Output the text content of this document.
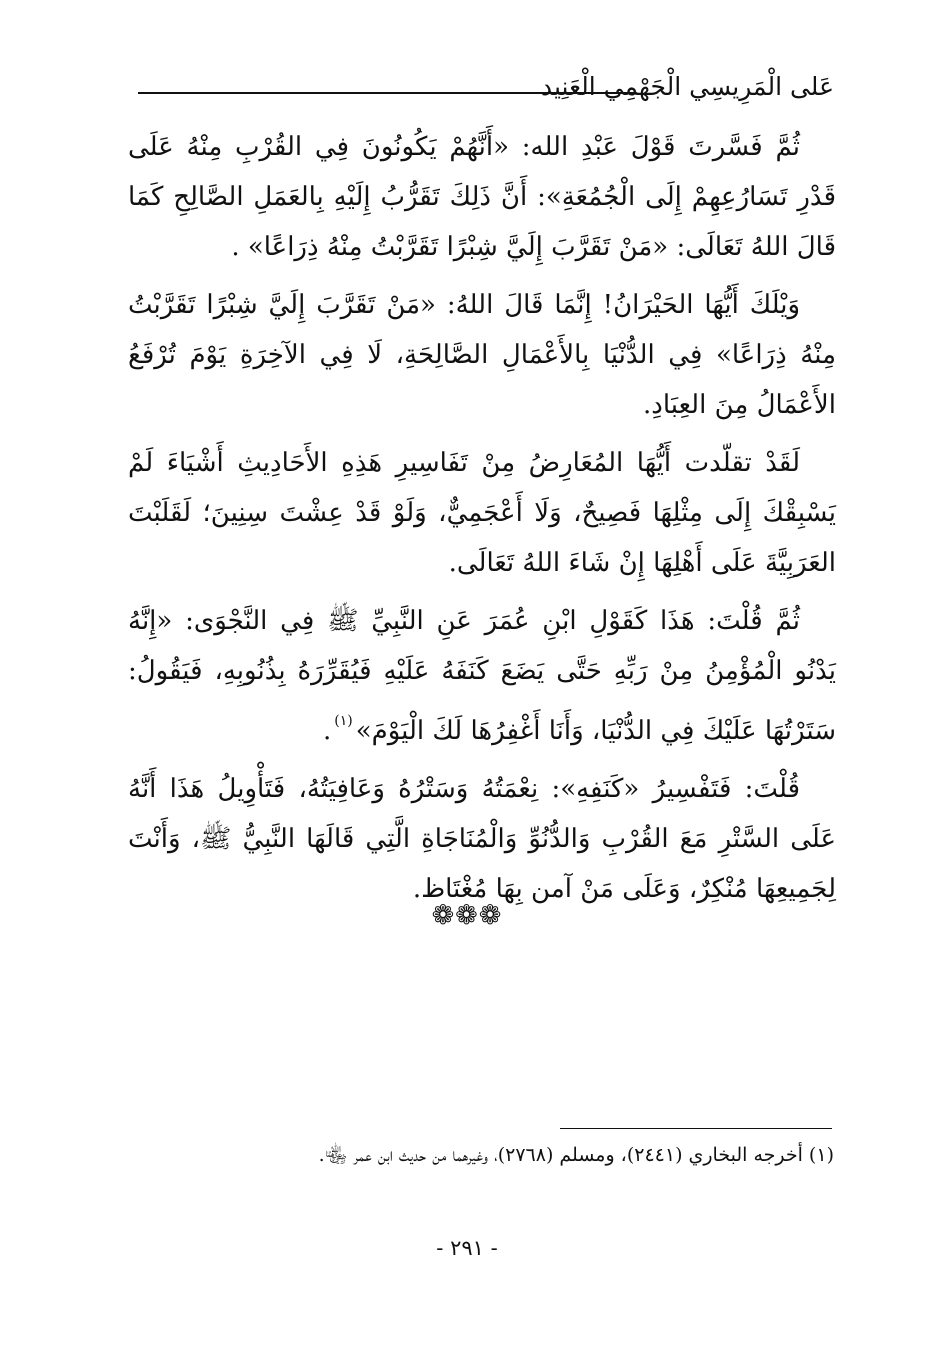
عَلى الْمَرِيسِي الْجَهْمِي الْعَنِيد

ثُمَّ فَسَّرتَ قَوْلَ عَبْدِ الله: «أَنَّهُمْ يَكُونُونَ فِي القُرْبِ مِنْهُ عَلَى قَدْرِ تَسَارُعِهِمْ إِلَى الْجُمُعَةِ»: أَنَّ ذَلِكَ تَقَرُّبُ إِلَيْهِ بِالعَمَلِ الصَّالِحِ كَمَا قَالَ اللهُ تَعَالَى: «مَنْ تَقَرَّبَ إِلَيَّ شِبْرًا تَقَرَّبْتُ مِنْهُ ذِرَاعًا» .

وَيْلَكَ أَيُّهَا الحَيْرَانُ! إِنَّمَا قَالَ اللهُ: «مَنْ تَقَرَّبَ إِلَيَّ شِبْرًا تَقَرَّبْتُ مِنْهُ ذِرَاعًا» فِي الدُّنْيَا بِالأَعْمَالِ الصَّالِحَةِ، لَا فِي الآخِرَةِ يَوْمَ تُرْفَعُ الأَعْمَالُ مِنَ العِبَادِ.

لَقَدْ تقلّدت أَيُّهَا المُعَارِضُ مِنْ تَفَاسِيرِ هَذِهِ الأَحَادِيثِ أَشْيَاءَ لَمْ يَسْبِقْكَ إِلَى مِثْلِهَا فَصِيحٌ، وَلَا أَعْجَمِيٌّ، وَلَوْ قَدْ عِشْتَ سِنِينَ؛ لَقَلَبْتَ العَرَبِيَّةَ عَلَى أَهْلِهَا إِنْ شَاءَ اللهُ تَعَالَى.

ثُمَّ قُلْتَ: هَذَا كَقَوْلِ ابْنِ عُمَرَ عَنِ النَّبِيِّ ﷺ فِي النَّجْوَى: «إِنَّهُ يَدْنُو الْمُؤْمِنُ مِنْ رَبِّهِ حَتَّى يَضَعَ كَنَفَهُ عَلَيْهِ فَيُقَرِّرَهُ بِذُنُوبِهِ، فَيَقُولُ: سَتَرْتُهَا عَلَيْكَ فِي الدُّنْيَا، وَأَنَا أَغْفِرُهَا لَكَ الْيَوْمَ»$^{(١)}$.

قُلْتَ: فَتَفْسِيرُ «كَنَفِهِ»: نِعْمَتُهُ وَسَتْرُهُ وَعَافِيَتُهُ، فَتَأْوِيلُ هَذَا أَنَّهُ عَلَى السَّتْرِ مَعَ القُرْبِ وَالدُّنُوِّ وَالْمُنَاجَاةِ الَّتِي قَالَهَا النَّبِيُّ ﷺ، وَأَنْتَ لِجَمِيعِهَا مُنْكِرٌ، وَعَلَى مَنْ آمن بِهَا مُغْتَاظ.

❁❁❁
(١) أخرجه البخاري (٢٤٤١)، ومسلم (٢٧٦٨)، وغيرهما من حديث ابن عمر ﵄.
- ٢٩١ -
